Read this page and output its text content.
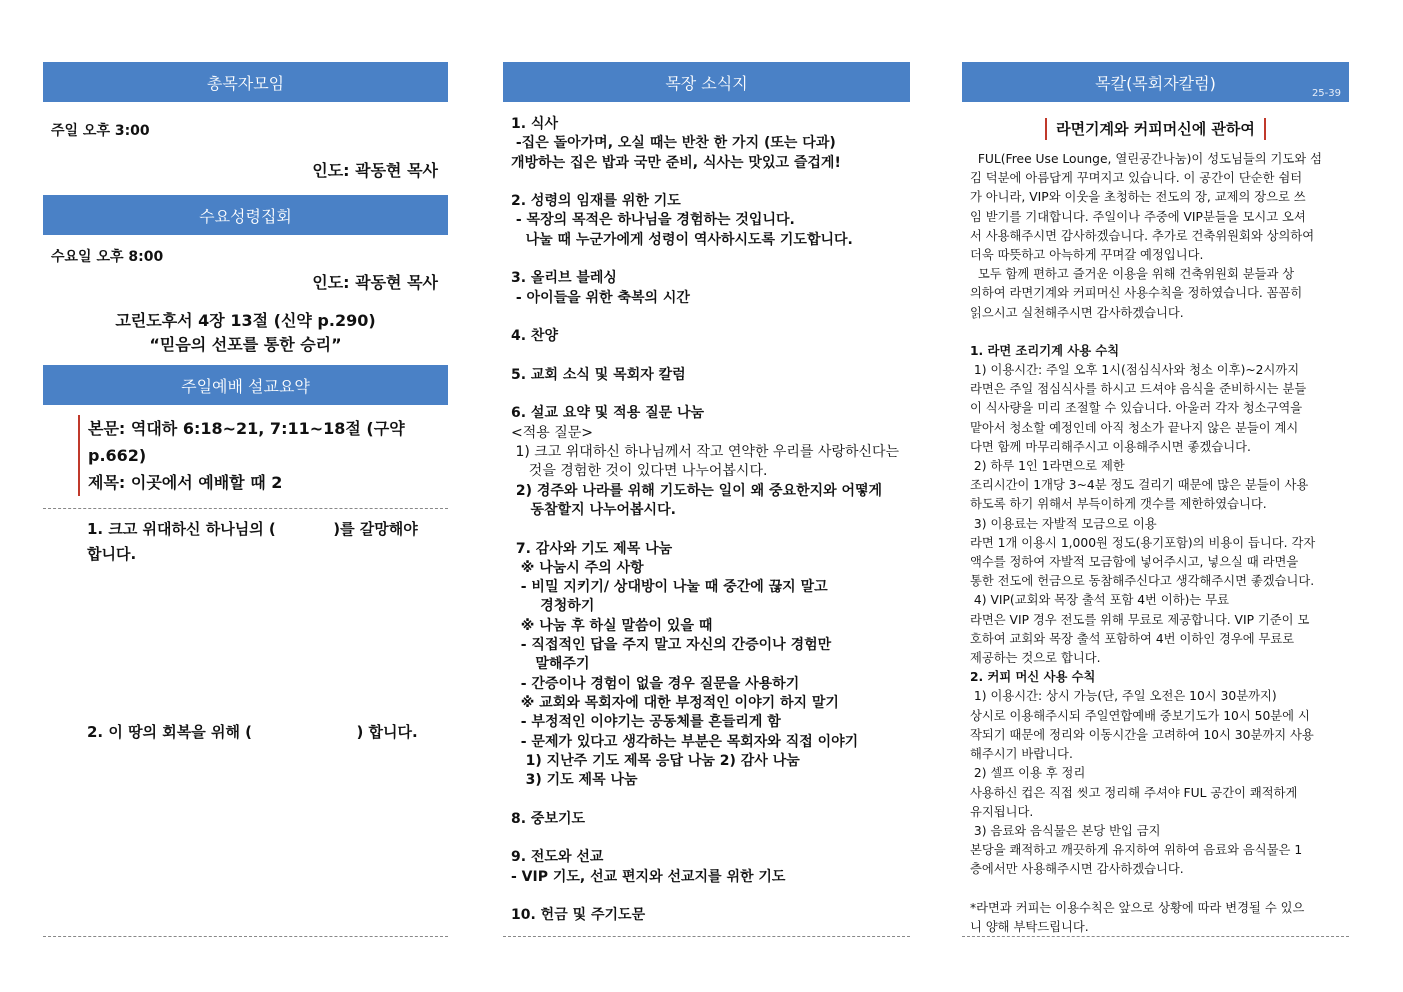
총목자모임
주일 오후 3:00
인도: 곽동현 목사
수요성령집회
수요일 오후 8:00
인도: 곽동현 목사
고린도후서 4장 13절 (신약 p.290)
“믿음의 선포를 통한 승리”
주일예배 설교요약
본문: 역대하 6:18~21, 7:11~18절 (구약 p.662)
제목: 이곳에서 예배할 때 2
1. 크고 위대하신 하나님의 (           )를 갈망해야
합니다.
2. 이 땅의 회복을 위해 (                    ) 합니다.
목장 소식지
1. 식사
-집은 돌아가며, 오실 때는 반찬 한 가지 (또는 다과)
개방하는 집은 밥과 국만 준비, 식사는 맛있고 즐겁게!
2. 성령의 임재를 위한 기도
- 목장의 목적은 하나님을 경험하는 것입니다.
나눌 때 누군가에게 성령이 역사하시도록 기도합니다.
3. 올리브 블레싱
- 아이들을 위한 축복의 시간
4. 찬양
5. 교회 소식 및 목회자 칼럼
6. 설교 요약 및 적용 질문 나눔
<적용 질문>
1) 크고 위대하신 하나님께서 작고 연약한 우리를 사랑하신다는
것을 경험한 것이 있다면 나누어봅시다.
2) 경주와 나라를 위해 기도하는 일이 왜 중요한지와 어떻게
동참할지 나누어봅시다.
7. 감사와 기도 제목 나눔
※ 나눔시 주의 사항
- 비밀 지키기/ 상대방이 나눌 때 중간에 끊지 말고
경청하기
※ 나눔 후 하실 말씀이 있을 때
- 직접적인 답을 주지 말고 자신의 간증이나 경험만
말해주기
- 간증이나 경험이 없을 경우 질문을 사용하기
※ 교회와 목회자에 대한 부정적인 이야기 하지 말기
- 부정적인 이야기는 공동체를 흔들리게 함
- 문제가 있다고 생각하는 부분은 목회자와 직접 이야기
1) 지난주 기도 제목 응답 나눔 2) 감사 나눔
3) 기도 제목 나눔
8. 중보기도
9. 전도와 선교
- VIP 기도, 선교 편지와 선교지를 위한 기도
10. 헌금 및 주기도문
목칼(목회자칼럼)
25-39
라면기계와 커피머신에 관하여
FUL(Free Use Lounge, 열린공간나눔)이 성도님들의 기도와 섬
김 덕분에 아름답게 꾸며지고 있습니다. 이 공간이 단순한 쉼터
가 아니라, VIP와 이웃을 초청하는 전도의 장, 교제의 장으로 쓰
임 받기를 기대합니다. 주일이나 주중에 VIP분들을 모시고 오셔
서 사용해주시면 감사하겠습니다. 추가로 건축위원회와 상의하여
더욱 따뜻하고 아늑하게 꾸며갈 예정입니다.
모두 함께 편하고 즐거운 이용을 위해 건축위원회 분들과 상
의하여 라면기계와 커피머신 사용수칙을 정하였습니다. 꼼꼼히
읽으시고 실천해주시면 감사하겠습니다.
1. 라면 조리기계 사용 수칙
1) 이용시간: 주일 오후 1시(점심식사와 청소 이후)~2시까지
라면은 주일 점심식사를 하시고 드셔야 음식을 준비하시는 분들
이 식사량을 미리 조절할 수 있습니다. 아울러 각자 청소구역을
맡아서 청소할 예정인데 아직 청소가 끝나지 않은 분들이 계시
다면 함께 마무리해주시고 이용해주시면 좋겠습니다.
2) 하루 1인 1라면으로 제한
조리시간이 1개당 3~4분 정도 걸리기 때문에 많은 분들이 사용
하도록 하기 위해서 부득이하게 갯수를 제한하였습니다.
3) 이용료는 자발적 모금으로 이용
라면 1개 이용시 1,000원 정도(용기포함)의 비용이 듭니다. 각자
액수를 정하여 자발적 모금함에 넣어주시고, 넣으실 때 라면을
통한 전도에 헌금으로 동참해주신다고 생각해주시면 좋겠습니다.
4) VIP(교회와 목장 출석 포함 4번 이하)는 무료
라면은 VIP 경우 전도를 위해 무료로 제공합니다. VIP 기준이 모
호하여 교회와 목장 출석 포함하여 4번 이하인 경우에 무료로
제공하는 것으로 합니다.
2. 커피 머신 사용 수칙
1) 이용시간: 상시 가능(단, 주일 오전은 10시 30분까지)
상시로 이용해주시되 주일연합예배 중보기도가 10시 50분에 시
작되기 때문에 정리와 이동시간을 고려하여 10시 30분까지 사용
해주시기 바랍니다.
2) 셀프 이용 후 정리
사용하신 컵은 직접 씻고 정리해 주셔야 FUL 공간이 쾌적하게
유지됩니다.
3) 음료와 음식물은 본당 반입 금지
본당을 쾌적하고 깨끗하게 유지하여 위하여 음료와 음식물은 1
층에서만 사용해주시면 감사하겠습니다.
*라면과 커피는 이용수칙은 앞으로 상황에 따라 변경될 수 있으
니 양해 부탁드립니다.
